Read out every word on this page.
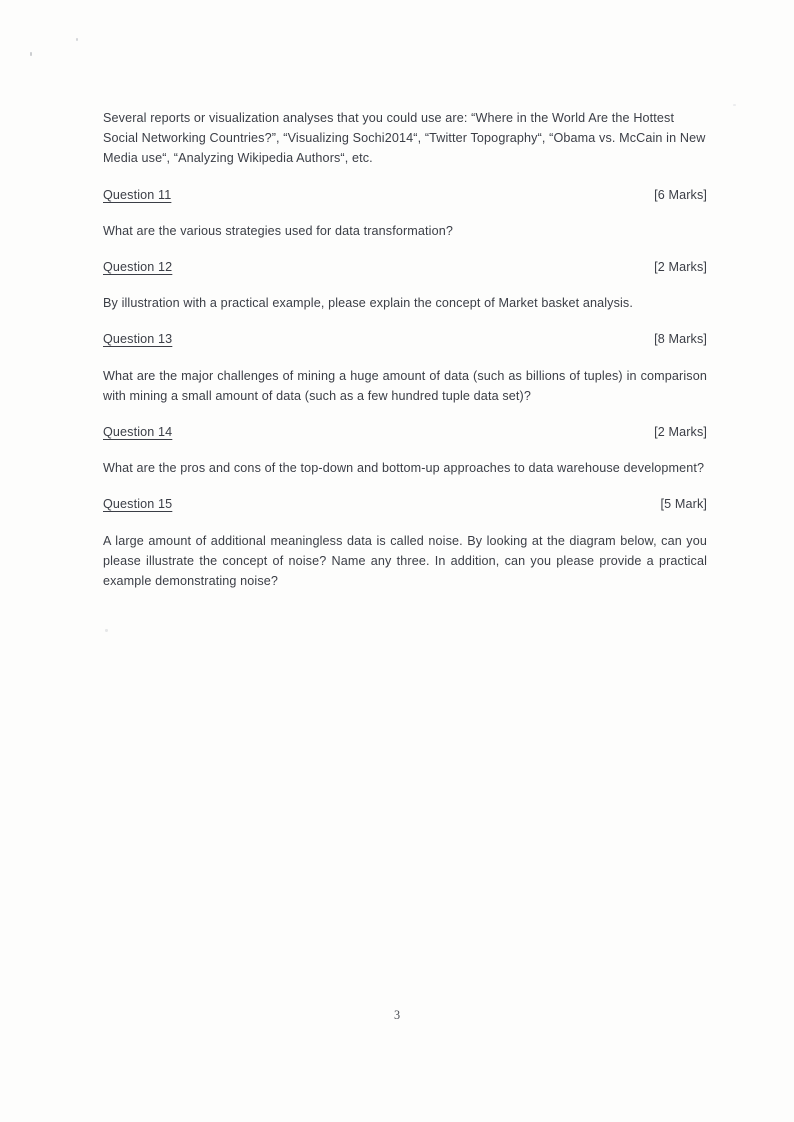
Several reports or visualization analyses that you could use are: “Where in the World Are the Hottest Social Networking Countries?”, “Visualizing Sochi2014“, “Twitter Topography“, “Obama vs. McCain in New Media use“, “Analyzing Wikipedia Authors“, etc.

Question 11	[6 Marks]

What are the various strategies used for data transformation?

Question 12	[2 Marks]

By illustration with a practical example, please explain the concept of Market basket analysis.

Question 13	[8 Marks]

What are the major challenges of mining a huge amount of data (such as billions of tuples) in comparison with mining a small amount of data (such as a few hundred tuple data set)?

Question 14	[2 Marks]

What are the pros and cons of the top-down and bottom-up approaches to data warehouse development?

Question 15	[5 Mark]

A large amount of additional meaningless data is called noise. By looking at the diagram below, can you please illustrate the concept of noise? Name any three. In addition, can you please provide a practical example demonstrating noise?

3
